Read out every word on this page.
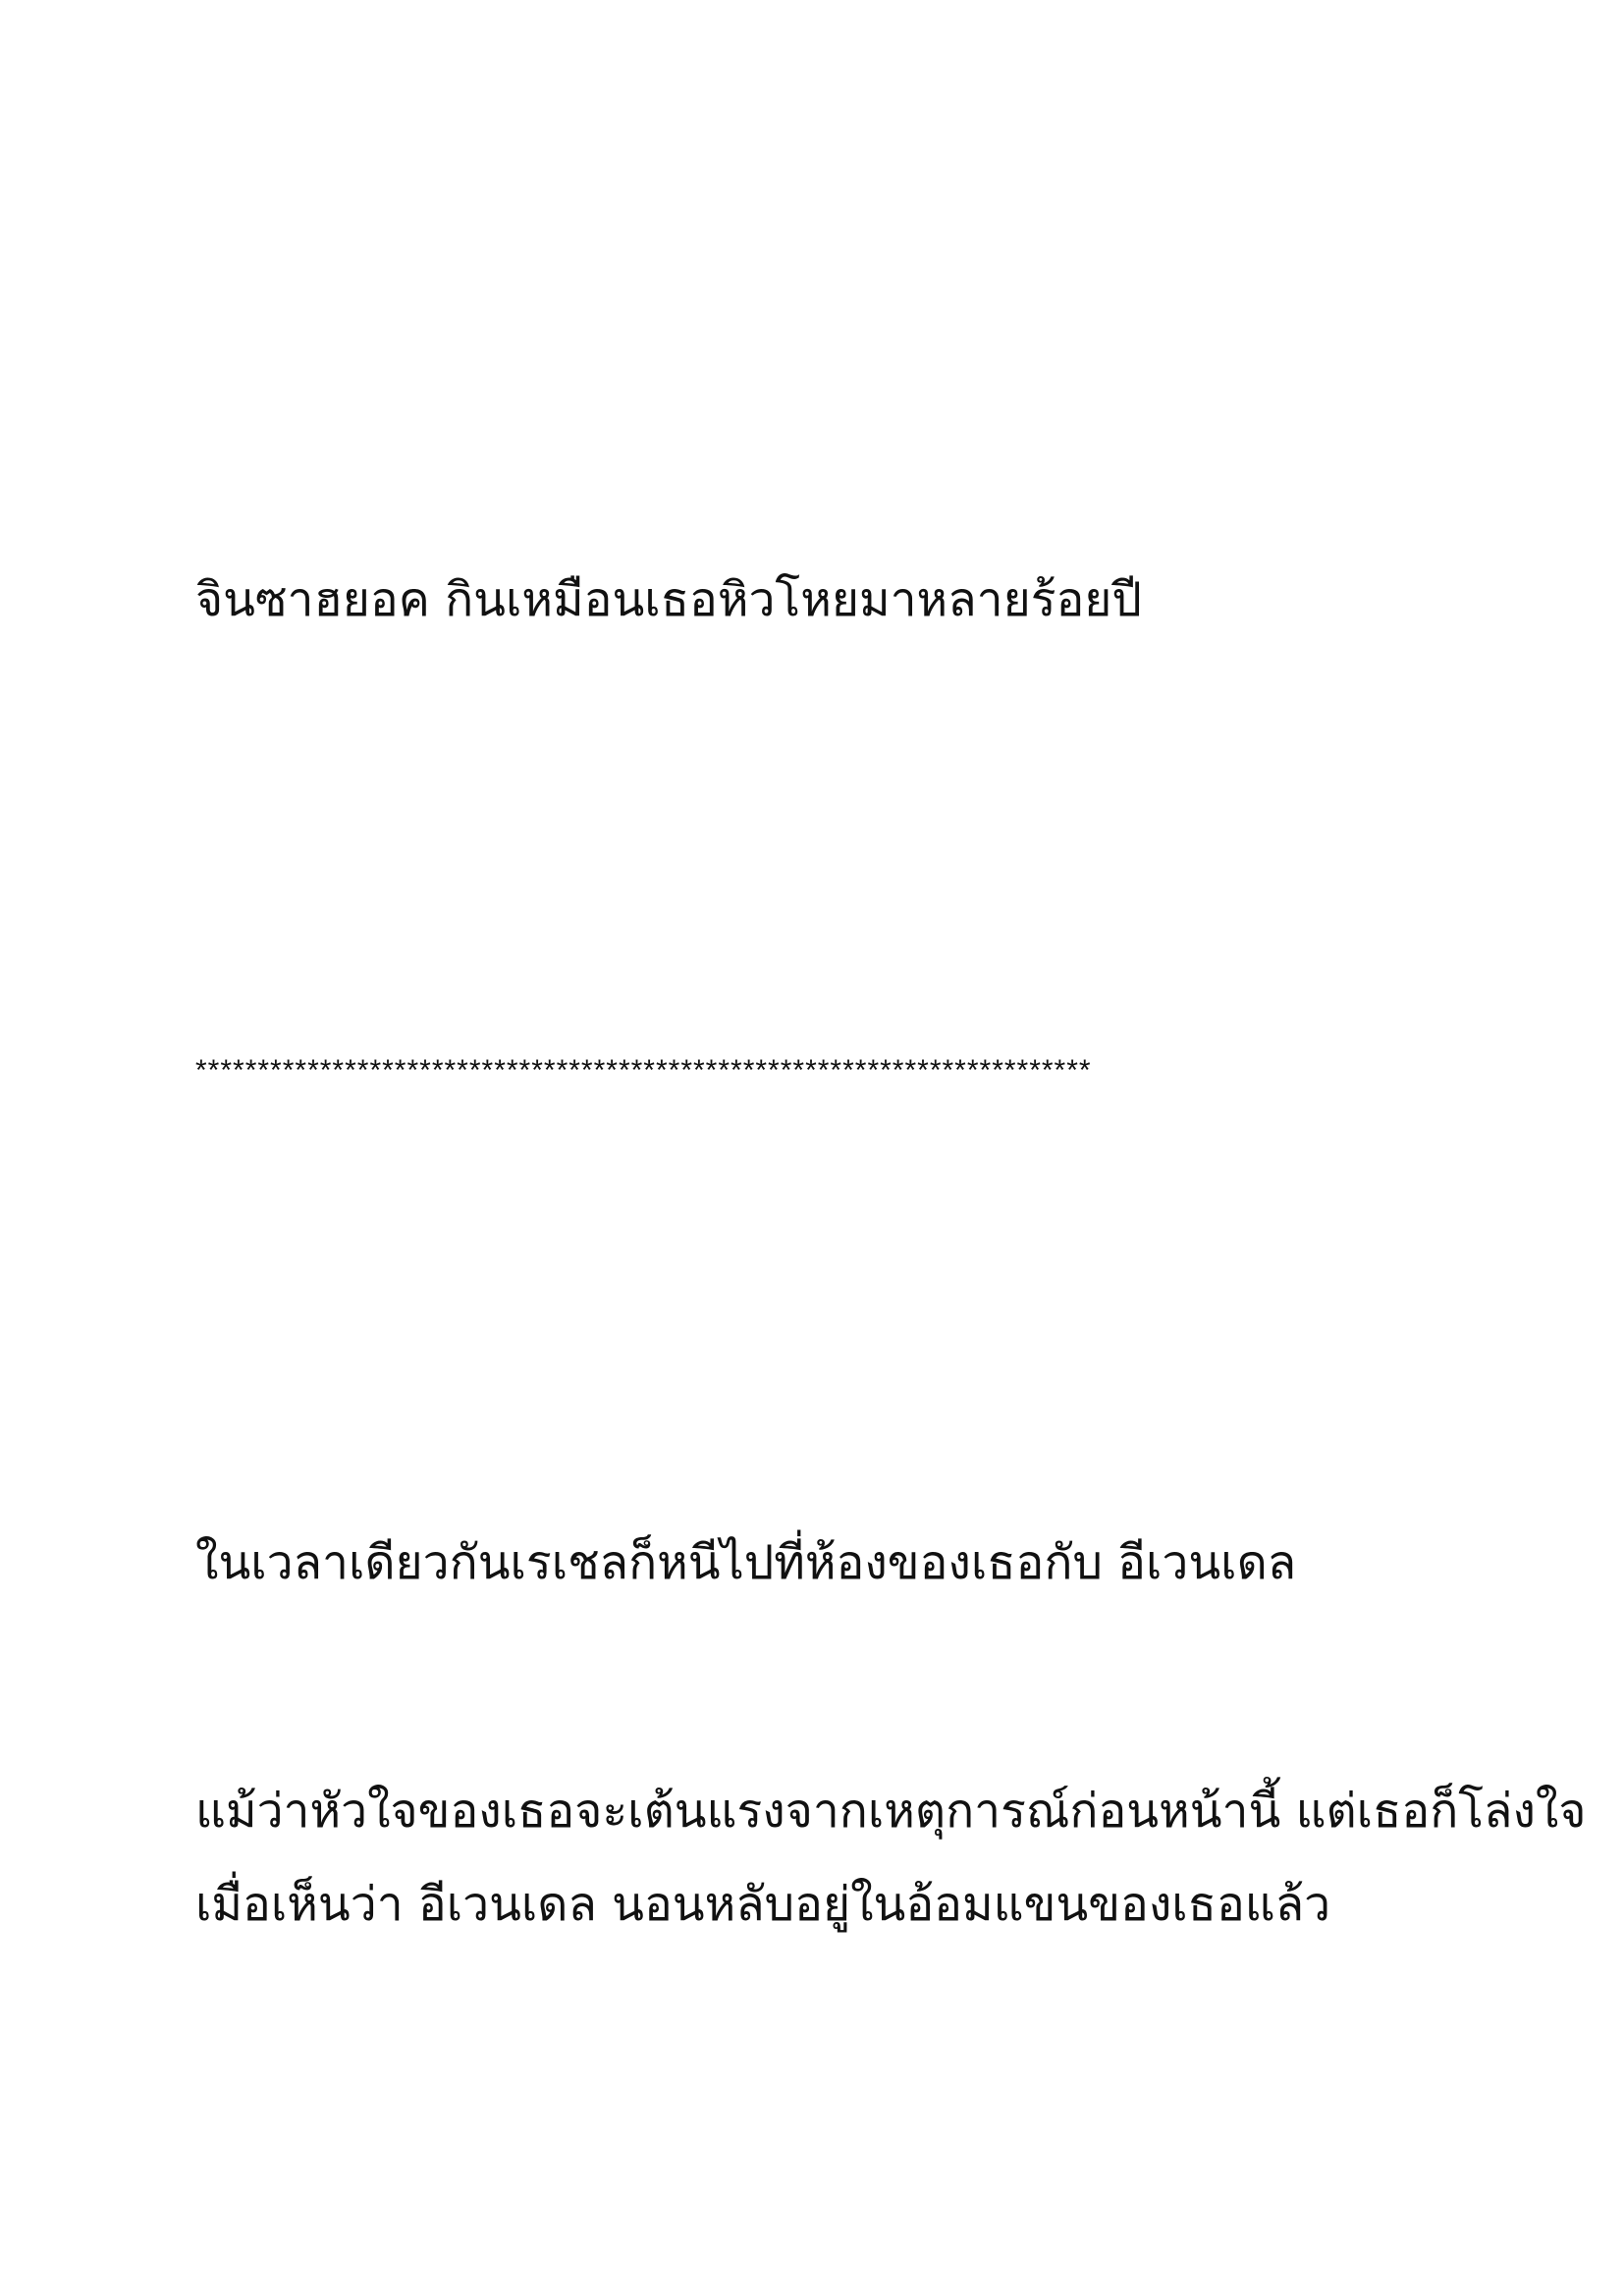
จินซาฮยอค กินเหมือนเธอหิวโหยมาหลายร้อยปี

************************************************************************

ในเวลาเดียวกันเรเชลก็หนีไปที่ห้องของเธอกับ อีเวนเดล

แม้ว่าหัวใจของเธอจะเต้นแรงจากเหตุการณ์ก่อนหน้านี้ แต่เธอก็โล่งใจ

เมื่อเห็นว่า อีเวนเดล นอนหลับอยู่ในอ้อมแขนของเธอแล้ว
